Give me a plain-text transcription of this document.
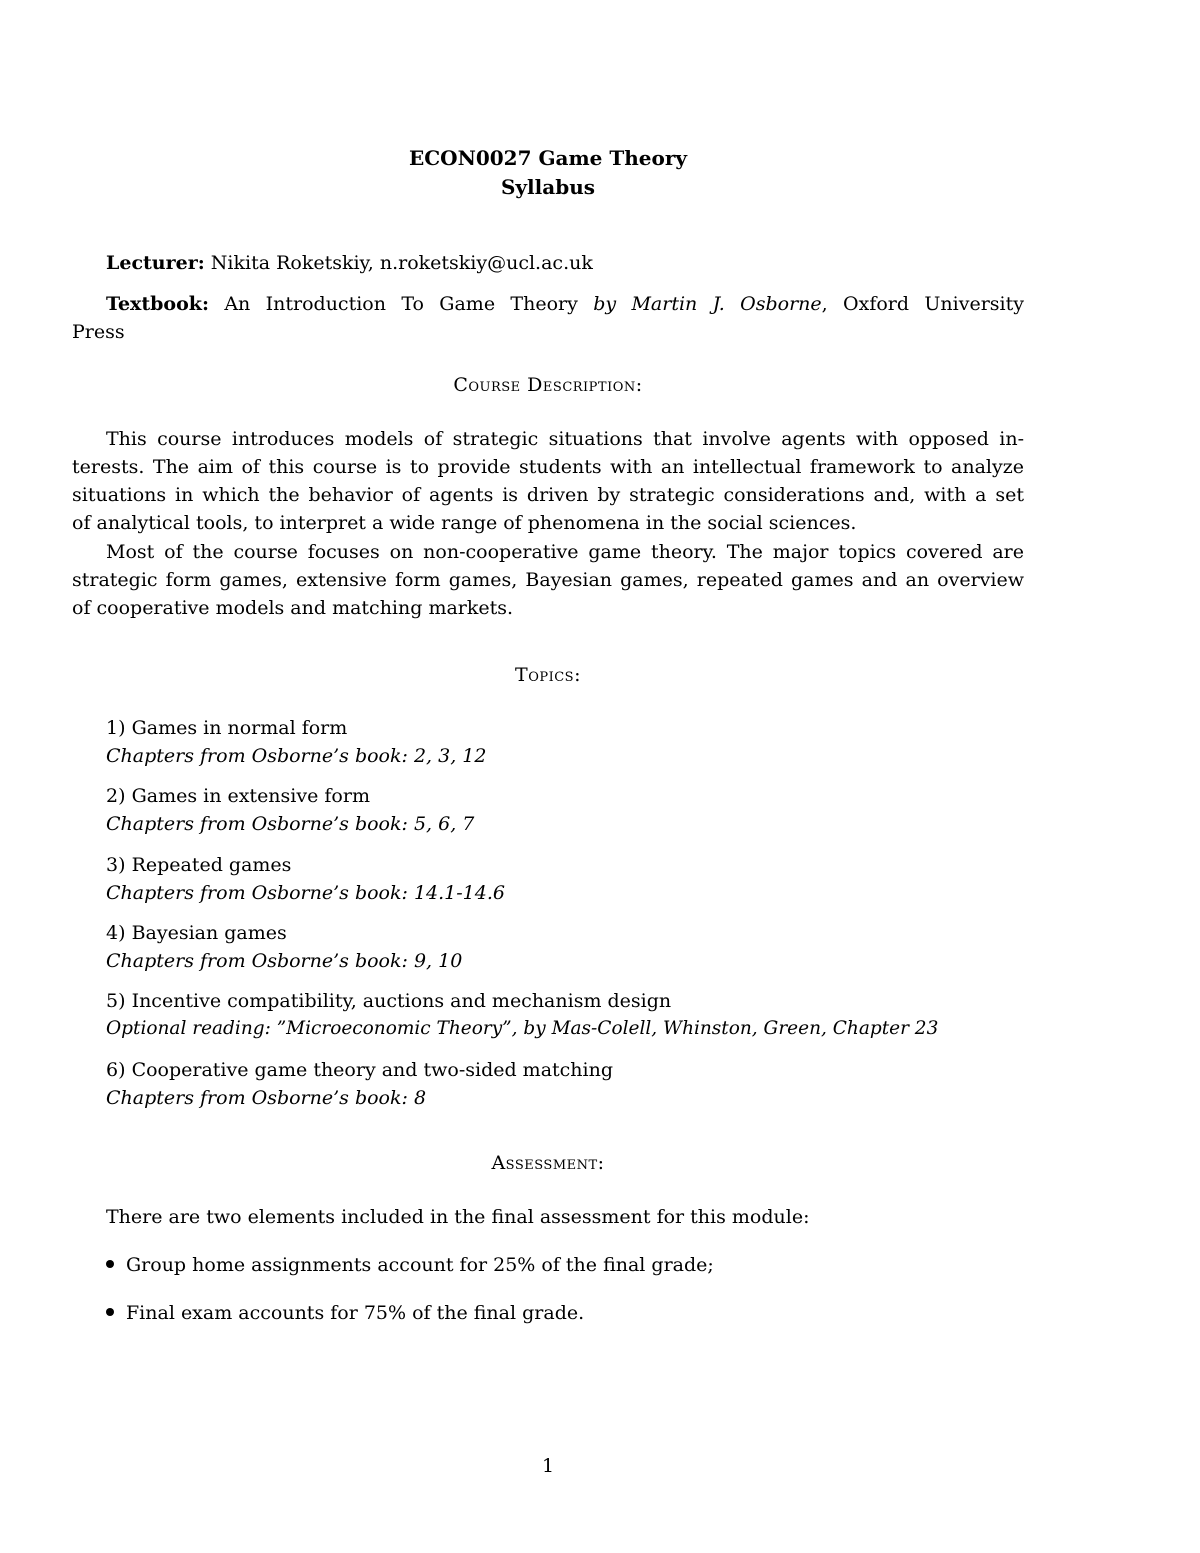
ECON0027 Game Theory
Syllabus
Lecturer: Nikita Roketskiy, n.roketskiy@ucl.ac.uk
Textbook: An Introduction To Game Theory by Martin J. Osborne, Oxford University
Press
Course Description:
This course introduces models of strategic situations that involve agents with opposed in-
terests. The aim of this course is to provide students with an intellectual framework to analyze
situations in which the behavior of agents is driven by strategic considerations and, with a set
of analytical tools, to interpret a wide range of phenomena in the social sciences.
Most of the course focuses on non-cooperative game theory. The major topics covered are
strategic form games, extensive form games, Bayesian games, repeated games and an overview
of cooperative models and matching markets.
Topics:
1) Games in normal form
Chapters from Osborne’s book: 2, 3, 12
2) Games in extensive form
Chapters from Osborne’s book: 5, 6, 7
3) Repeated games
Chapters from Osborne’s book: 14.1-14.6
4) Bayesian games
Chapters from Osborne’s book: 9, 10
5) Incentive compatibility, auctions and mechanism design
Optional reading: ”Microeconomic Theory”, by Mas-Colell, Whinston, Green, Chapter 23
6) Cooperative game theory and two-sided matching
Chapters from Osborne’s book: 8
Assessment:
There are two elements included in the final assessment for this module:
Group home assignments account for 25% of the final grade;
Final exam accounts for 75% of the final grade.
1
